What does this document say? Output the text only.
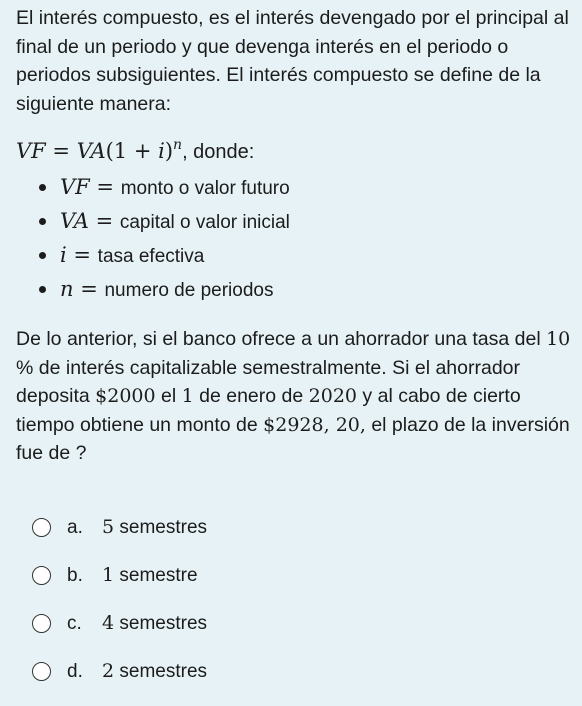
El interés compuesto, es el interés devengado por el principal al final de un periodo y que devenga interés en el periodo o periodos subsiguientes. El interés compuesto se define de la siguiente manera:

VF = $VA(1 + i)^n$, donde:
VF = monto o valor futuro
VA = capital o valor inicial
i = tasa efectiva
n = numero de periodos

De lo anterior, si el banco ofrece a un ahorrador una tasa del 10 % de interés capitalizable semestralmente. Si el ahorrador deposita $2000 el 1 de enero de 2020 y al cabo de cierto tiempo obtiene un monto de $2928, 20, el plazo de la inversión fue de ?

a.	5 semestres
b.	1 semestre
c.	4 semestres
d.	2 semestres
